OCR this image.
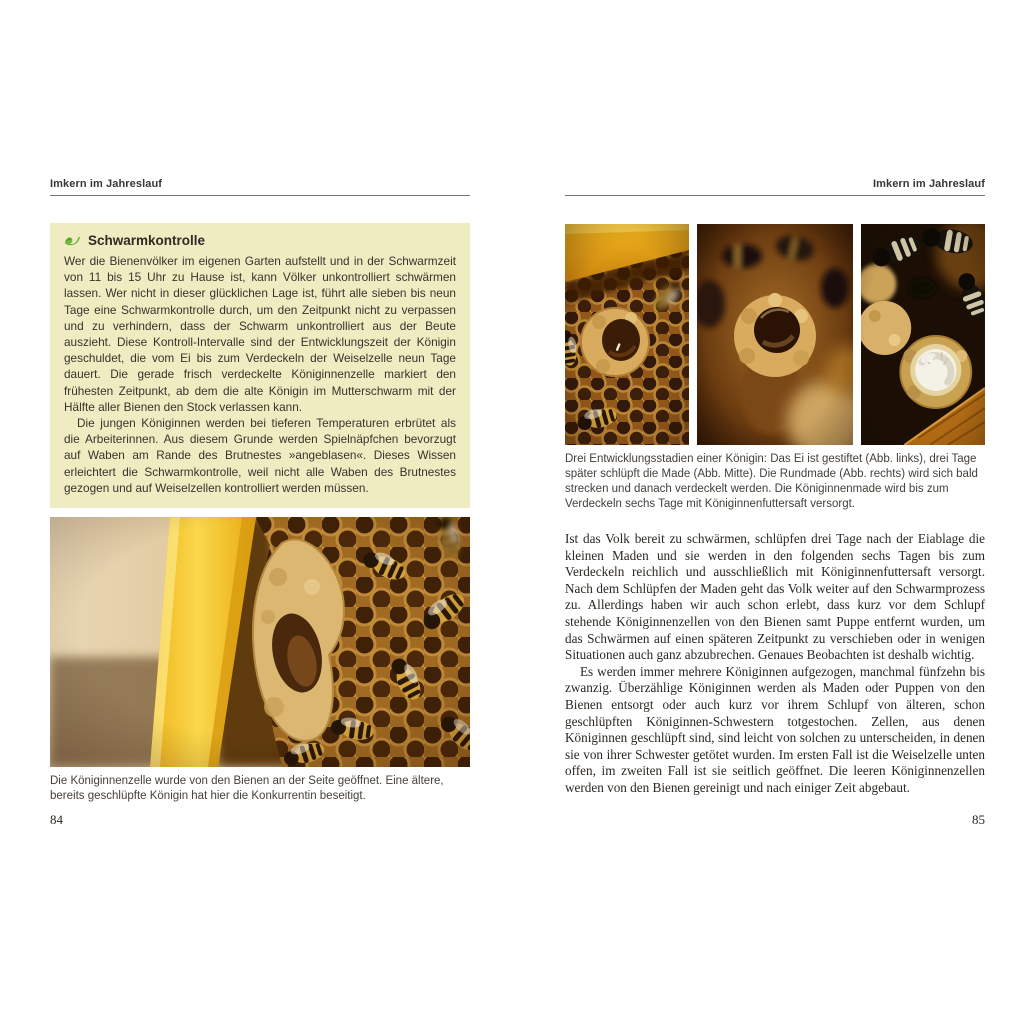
Imkern im Jahreslauf
Schwarmkontrolle

Wer die Bienenvölker im eigenen Garten aufstellt und in der Schwarmzeit von 11 bis 15 Uhr zu Hause ist, kann Völker unkontrolliert schwärmen lassen. Wer nicht in dieser glücklichen Lage ist, führt alle sieben bis neun Tage eine Schwarmkontrolle durch, um den Zeitpunkt nicht zu verpassen und zu verhindern, dass der Schwarm unkontrolliert aus der Beute auszieht. Diese Kontroll-Intervalle sind der Entwicklungszeit der Königin geschuldet, die vom Ei bis zum Verdeckeln der Weiselzelle neun Tage dauert. Die gerade frisch verdeckelte Königinnenzelle markiert den frühesten Zeitpunkt, ab dem die alte Königin im Mutterschwarm mit der Hälfte aller Bienen den Stock verlassen kann.

Die jungen Königinnen werden bei tieferen Temperaturen erbrütet als die Arbeiterinnen. Aus diesem Grunde werden Spielnäpfchen bevorzugt auf Waben am Rande des Brutnestes »angeblasen«. Dieses Wissen erleichtert die Schwarmkontrolle, weil nicht alle Waben des Brutnestes gezogen und auf Weiselzellen kontrolliert werden müssen.

Die Königinnenzelle wurde von den Bienen an der Seite geöffnet. Eine ältere, bereits geschlüpfte Königin hat hier die Konkurrentin beseitigt.
84
Imkern im Jahreslauf
Drei Entwicklungsstadien einer Königin: Das Ei ist gestiftet (Abb. links), drei Tage später schlüpft die Made (Abb. Mitte). Die Rundmade (Abb. rechts) wird sich bald strecken und danach verdeckelt werden. Die Königinnenmade wird bis zum Verdeckeln sechs Tage mit Königinnenfuttersaft versorgt.

Ist das Volk bereit zu schwärmen, schlüpfen drei Tage nach der Eiablage die kleinen Maden und sie werden in den folgenden sechs Tagen bis zum Verdeckeln reichlich und ausschließlich mit Königinnenfuttersaft versorgt. Nach dem Schlüpfen der Maden geht das Volk weiter auf den Schwarmprozess zu. Allerdings haben wir auch schon erlebt, dass kurz vor dem Schlupf stehende Königinnenzellen von den Bienen samt Puppe entfernt wurden, um das Schwärmen auf einen späteren Zeitpunkt zu verschieben oder in wenigen Situationen auch ganz abzubrechen. Genaues Beobachten ist deshalb wichtig.

Es werden immer mehrere Königinnen aufgezogen, manchmal fünfzehn bis zwanzig. Überzählige Königinnen werden als Maden oder Puppen von den Bienen entsorgt oder auch kurz vor ihrem Schlupf von älteren, schon geschlüpften Königinnen-Schwestern totgestochen. Zellen, aus denen Königinnen geschlüpft sind, sind leicht von solchen zu unterscheiden, in denen sie von ihrer Schwester getötet wurden. Im ersten Fall ist die Weiselzelle unten offen, im zweiten Fall ist sie seitlich geöffnet. Die leeren Königinnenzellen werden von den Bienen gereinigt und nach einiger Zeit abgebaut.

85
